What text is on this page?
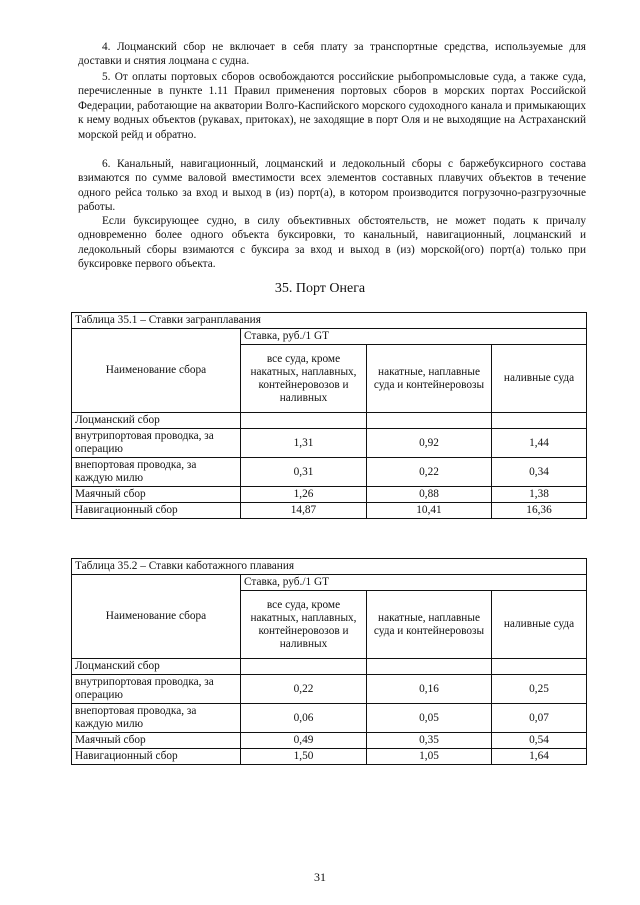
4. Лоцманский сбор не включает в себя плату за транспортные средства, используемые для доставки и снятия лоцмана с судна.

5. От оплаты портовых сборов освобождаются российские рыбопромысловые суда, а также суда, перечисленные в пункте 1.11 Правил применения портовых сборов в морских портах Российской Федерации, работающие на акватории Волго-Каспийского морского судоходного канала и примыкающих к нему водных объектов (рукавах, притоках), не заходящие в порт Оля и не выходящие на Астраханский морской рейд и обратно.

6. Канальный, навигационный, лоцманский и ледокольный сборы с баржебуксирного состава взимаются по сумме валовой вместимости всех элементов составных плавучих объектов в течение одного рейса только за вход и выход в (из) порт(а), в котором производится погрузочно-разгрузочные работы.

Если буксирующее судно, в силу объективных обстоятельств, не может подать к причалу одновременно более одного объекта буксировки, то канальный, навигационный, лоцманский и ледокольный сборы взимаются с буксира за вход и выход в (из) морской(ого) порт(а) только при буксировке первого объекта.

35. Порт Онега
Таблица 35.1 – Ставки загранплавания			
Наименование сбора	Ставка, руб./1 GT		
	все суда, кроме накатных, наплавных, контейнеровозов и наливных	накатные, наплавные суда и контейнеровозы	наливные суда
Лоцманский сбор			
внутрипортовая проводка, за операцию	1,31	0,92	1,44
внепортовая проводка, за каждую милю	0,31	0,22	0,34
Маячный сбор	1,26	0,88	1,38
Навигационный сбор	14,87	10,41	16,36
Таблица 35.2 – Ставки каботажного плавания			
Наименование сбора	Ставка, руб./1 GT		
	все суда, кроме накатных, наплавных, контейнеровозов и наливных	накатные, наплавные суда и контейнеровозы	наливные суда
Лоцманский сбор			
внутрипортовая проводка, за операцию	0,22	0,16	0,25
внепортовая проводка, за каждую милю	0,06	0,05	0,07
Маячный сбор	0,49	0,35	0,54
Навигационный сбор	1,50	1,05	1,64
31
